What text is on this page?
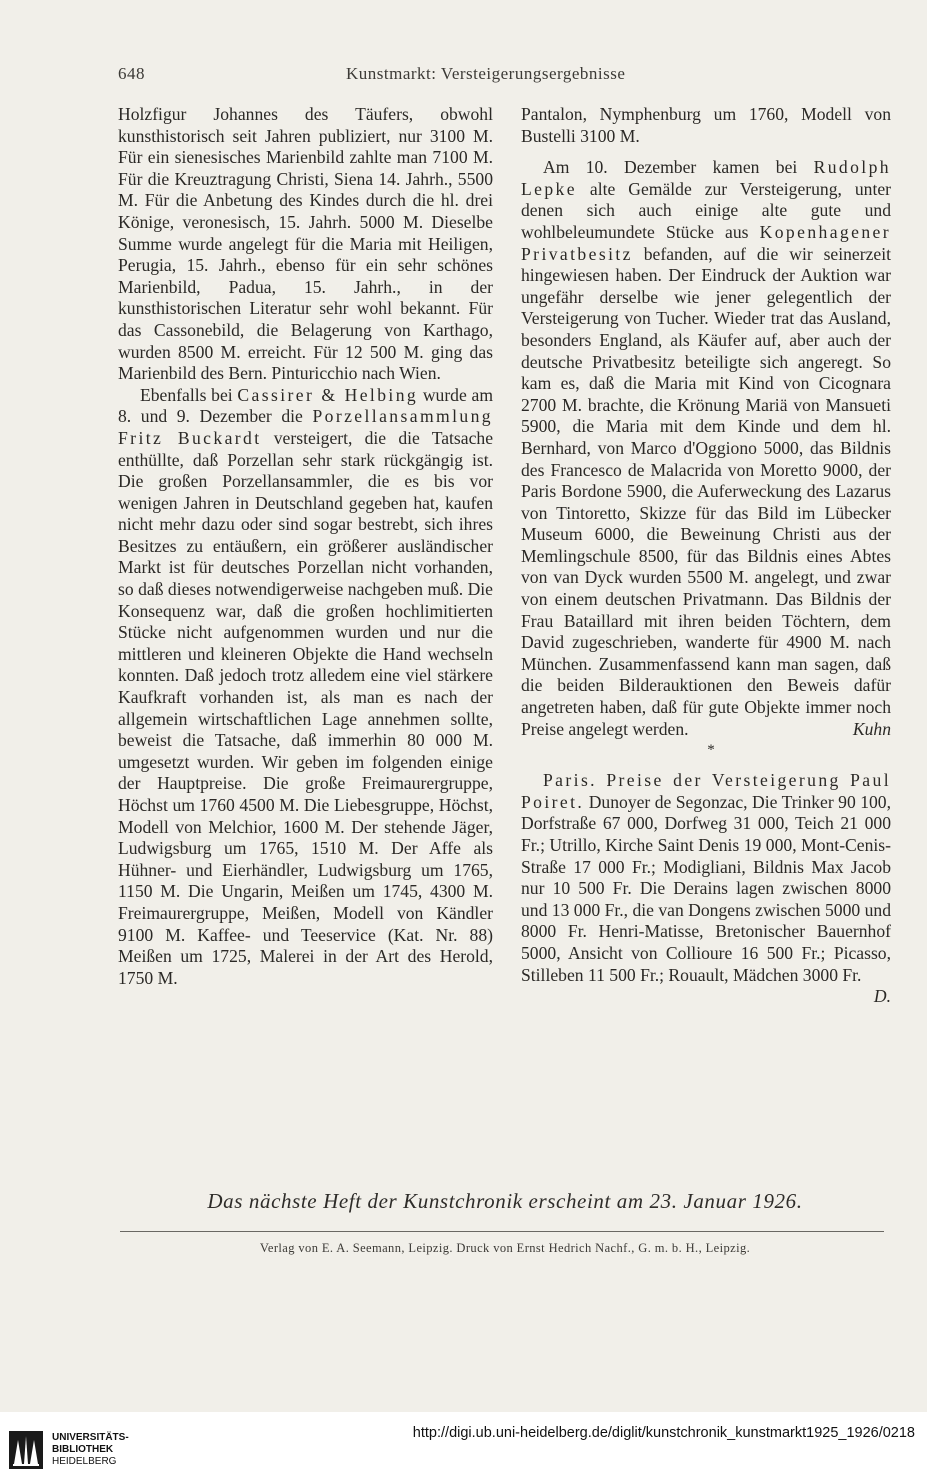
648	Kunstmarkt: Versteigerungsergebnisse

Holzfigur Johannes des Täufers, obwohl kunsthistorisch seit Jahren publiziert, nur 3100 M. Für ein sienesisches Marienbild zahlte man 7100 M. Für die Kreuztragung Christi, Siena 14. Jahrh., 5500 M. Für die Anbetung des Kindes durch die hl. drei Könige, veronesisch, 15. Jahrh. 5000 M. Dieselbe Summe wurde angelegt für die Maria mit Heiligen, Perugia, 15. Jahrh., ebenso für ein sehr schönes Marienbild, Padua, 15. Jahrh., in der kunsthistorischen Literatur sehr wohl bekannt. Für das Cassonebild, die Belagerung von Karthago, wurden 8500 M. erreicht. Für 12 500 M. ging das Marienbild des Bern. Pinturicchio nach Wien.

Ebenfalls bei Cassirer & Helbing wurde am 8. und 9. Dezember die Porzellansammlung Fritz Buckardt versteigert, die die Tatsache enthüllte, daß Porzellan sehr stark rückgängig ist. Die großen Porzellansammler, die es bis vor wenigen Jahren in Deutschland gegeben hat, kaufen nicht mehr dazu oder sind sogar bestrebt, sich ihres Besitzes zu entäußern, ein größerer ausländischer Markt ist für deutsches Porzellan nicht vorhanden, so daß dieses notwendigerweise nachgeben muß. Die Konsequenz war, daß die großen hochlimitierten Stücke nicht aufgenommen wurden und nur die mittleren und kleineren Objekte die Hand wechseln konnten. Daß jedoch trotz alledem eine viel stärkere Kaufkraft vorhanden ist, als man es nach der allgemein wirtschaftlichen Lage annehmen sollte, beweist die Tatsache, daß immerhin 80 000 M. umgesetzt wurden. Wir geben im folgenden einige der Hauptpreise. Die große Freimaurergruppe, Höchst um 1760 4500 M. Die Liebesgruppe, Höchst, Modell von Melchior, 1600 M. Der stehende Jäger, Ludwigsburg um 1765, 1510 M. Der Affe als Hühner- und Eierhändler, Ludwigsburg um 1765, 1150 M. Die Ungarin, Meißen um 1745, 4300 M. Freimaurergruppe, Meißen, Modell von Kändler 9100 M. Kaffee- und Teeservice (Kat. Nr. 88) Meißen um 1725, Malerei in der Art des Herold, 1750 M.

Pantalon, Nymphenburg um 1760, Modell von Bustelli 3100 M.

Am 10. Dezember kamen bei Rudolph Lepke alte Gemälde zur Versteigerung, unter denen sich auch einige alte gute und wohlbeleumundete Stücke aus Kopenhagener Privatbesitz befanden, auf die wir seinerzeit hingewiesen haben. Der Eindruck der Auktion war ungefähr derselbe wie jener gelegentlich der Versteigerung von Tucher. Wieder trat das Ausland, besonders England, als Käufer auf, aber auch der deutsche Privatbesitz beteiligte sich angeregt. So kam es, daß die Maria mit Kind von Cicognara 2700 M. brachte, die Krönung Mariä von Mansueti 5900, die Maria mit dem Kinde und dem hl. Bernhard, von Marco d'Oggiono 5000, das Bildnis des Francesco de Malacrida von Moretto 9000, der Paris Bordone 5900, die Auferweckung des Lazarus von Tintoretto, Skizze für das Bild im Lübecker Museum 6000, die Beweinung Christi aus der Memlingschule 8500, für das Bildnis eines Abtes von van Dyck wurden 5500 M. angelegt, und zwar von einem deutschen Privatmann. Das Bildnis der Frau Bataillard mit ihren beiden Töchtern, dem David zugeschrieben, wanderte für 4900 M. nach München. Zusammenfassend kann man sagen, daß die beiden Bilderauktionen den Beweis dafür angetreten haben, daß für gute Objekte immer noch Preise angelegt werden.	Kuhn

*

Paris. Preise der Versteigerung Paul Poiret. Dunoyer de Segonzac, Die Trinker 90 100, Dorfstraße 67 000, Dorfweg 31 000, Teich 21 000 Fr.; Utrillo, Kirche Saint Denis 19 000, Mont-Cenis-Straße 17 000 Fr.; Modigliani, Bildnis Max Jacob nur 10 500 Fr. Die Derains lagen zwischen 8000 und 13 000 Fr., die van Dongens zwischen 5000 und 8000 Fr. Henri-Matisse, Bretonischer Bauernhof 5000, Ansicht von Collioure 16 500 Fr.; Picasso, Stilleben 11 500 Fr.; Rouault, Mädchen 3000 Fr.
D.

Das nächste Heft der Kunstchronik erscheint am 23. Januar 1926.
Verlag von E. A. Seemann, Leipzig. Druck von Ernst Hedrich Nachf., G. m. b. H., Leipzig.
UNIVERSITÄTS-
BIBLIOTHEK
HEIDELBERG
http://digi.ub.uni-heidelberg.de/diglit/kunstchronik_kunstmarkt1925_1926/0218
